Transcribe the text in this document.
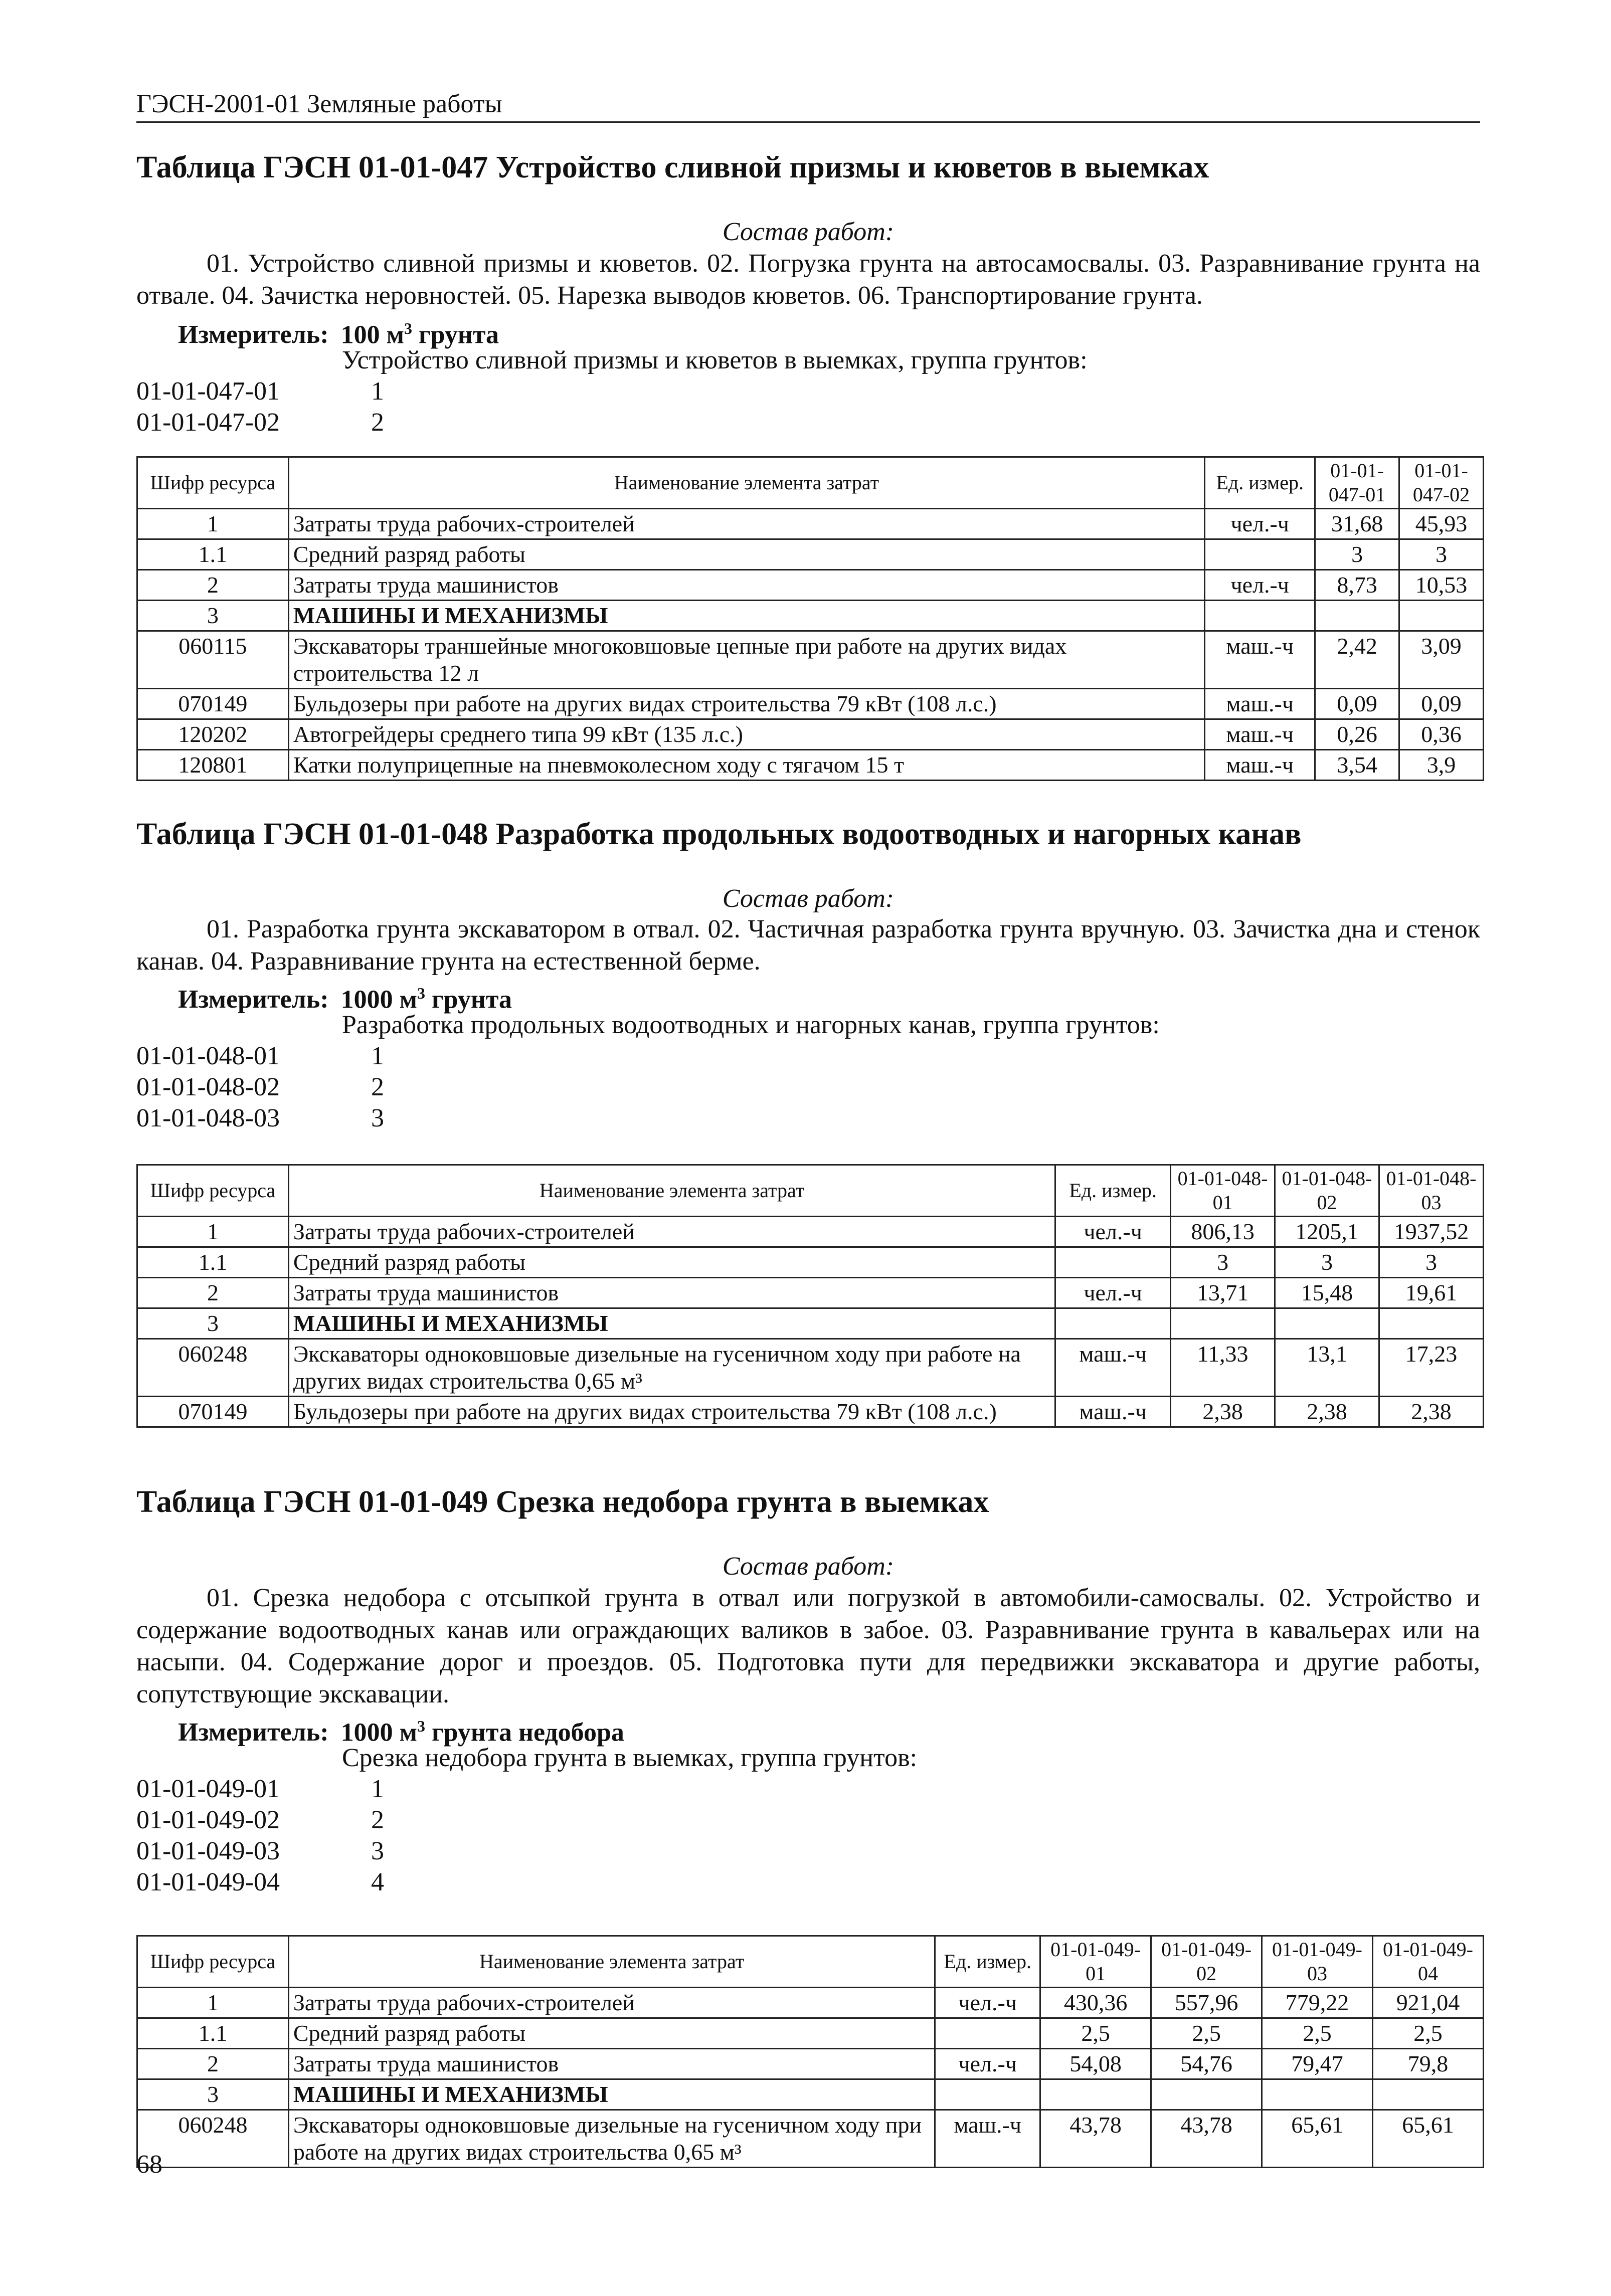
ГЭСН-2001-01 Земляные работы
Таблица ГЭСН 01-01-047 Устройство сливной призмы и кюветов в выемках
Состав работ:
01. Устройство сливной призмы и кюветов. 02. Погрузка грунта на автосамосвалы. 03. Разравнивание грунта на отвале. 04. Зачистка неровностей. 05. Нарезка выводов кюветов. 06. Транспортирование грунта.
Измеритель: 100 $м^3$ грунта
Устройство сливной призмы и кюветов в выемках, группа грунтов:
01-01-047-01	1
01-01-047-02	2
Шифр ресурса	Наименование элемента затрат	Ед. измер.	01-01-047-01	01-01-047-02
1	Затраты труда рабочих-строителей	чел.-ч	31,68	45,93
1.1	Средний разряд работы		3	3
2	Затраты труда машинистов	чел.-ч	8,73	10,53
3	МАШИНЫ И МЕХАНИЗМЫ			
060115	Экскаваторы траншейные многоковшовые цепные при работе на других видах строительства 12 л	маш.-ч	2,42	3,09
070149	Бульдозеры при работе на других видах строительства 79 кВт (108 л.с.)	маш.-ч	0,09	0,09
120202	Автогрейдеры среднего типа 99 кВт (135 л.с.)	маш.-ч	0,26	0,36
120801	Катки полуприцепные на пневмоколесном ходу с тягачом 15 т	маш.-ч	3,54	3,9
Таблица ГЭСН 01-01-048 Разработка продольных водоотводных и нагорных канав
Состав работ:
01. Разработка грунта экскаватором в отвал. 02. Частичная разработка грунта вручную. 03. Зачистка дна и стенок канав. 04. Разравнивание грунта на естественной берме.
Измеритель: 1000 $м^3$ грунта
Разработка продольных водоотводных и нагорных канав, группа грунтов:
01-01-048-01	1
01-01-048-02	2
01-01-048-03	3
Шифр ресурса	Наименование элемента затрат	Ед. измер.	01-01-048-01	01-01-048-02	01-01-048-03
1	Затраты труда рабочих-строителей	чел.-ч	806,13	1205,1	1937,52
1.1	Средний разряд работы		3	3	3
2	Затраты труда машинистов	чел.-ч	13,71	15,48	19,61
3	МАШИНЫ И МЕХАНИЗМЫ				
060248	Экскаваторы одноковшовые дизельные на гусеничном ходу при работе на других видах строительства 0,65 м³	маш.-ч	11,33	13,1	17,23
070149	Бульдозеры при работе на других видах строительства 79 кВт (108 л.с.)	маш.-ч	2,38	2,38	2,38
Таблица ГЭСН 01-01-049 Срезка недобора грунта в выемках
Состав работ:
01. Срезка недобора с отсыпкой грунта в отвал или погрузкой в автомобили-самосвалы. 02. Устройство и содержание водоотводных канав или ограждающих валиков в забое. 03. Разравнивание грунта в кавальерах или на насыпи. 04. Содержание дорог и проездов. 05. Подготовка пути для передвижки экскаватора и другие работы, сопутствующие экскавации.
Измеритель: 1000 $м^3$ грунта недобора
Срезка недобора грунта в выемках, группа грунтов:
01-01-049-01	1
01-01-049-02	2
01-01-049-03	3
01-01-049-04	4
Шифр ресурса	Наименование элемента затрат	Ед. измер.	01-01-049-01	01-01-049-02	01-01-049-03	01-01-049-04
1	Затраты труда рабочих-строителей	чел.-ч	430,36	557,96	779,22	921,04
1.1	Средний разряд работы		2,5	2,5	2,5	2,5
2	Затраты труда машинистов	чел.-ч	54,08	54,76	79,47	79,8
3	МАШИНЫ И МЕХАНИЗМЫ					
060248	Экскаваторы одноковшовые дизельные на гусеничном ходу при работе на других видах строительства 0,65 м³	маш.-ч	43,78	43,78	65,61	65,61
68
